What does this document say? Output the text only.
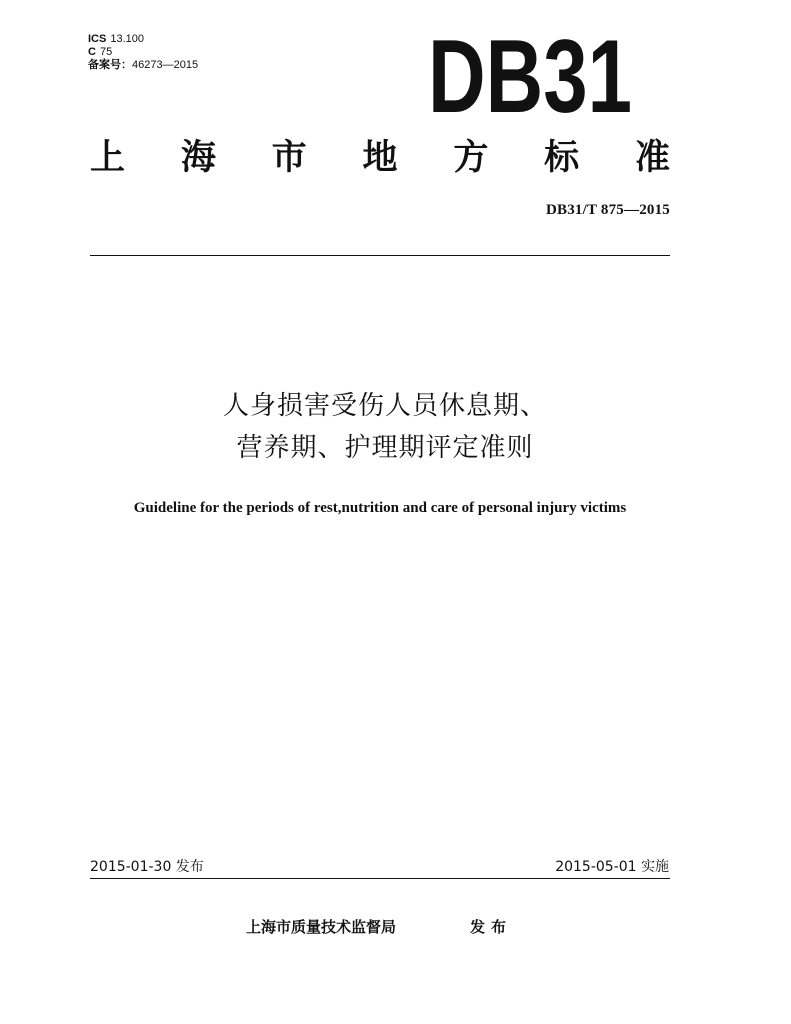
ICS 13.100
C 75
备案号：46273—2015 DB31
上 海 市 地 方 标 准
DB31/T 875—2015
人身损害受伤人员休息期、
营养期、护理期评定准则
Guideline for the periods of rest,nutrition and care of personal injury victims
2015-01-30 发布	2015-05-01 实施
上海市质量技术监督局	发布
